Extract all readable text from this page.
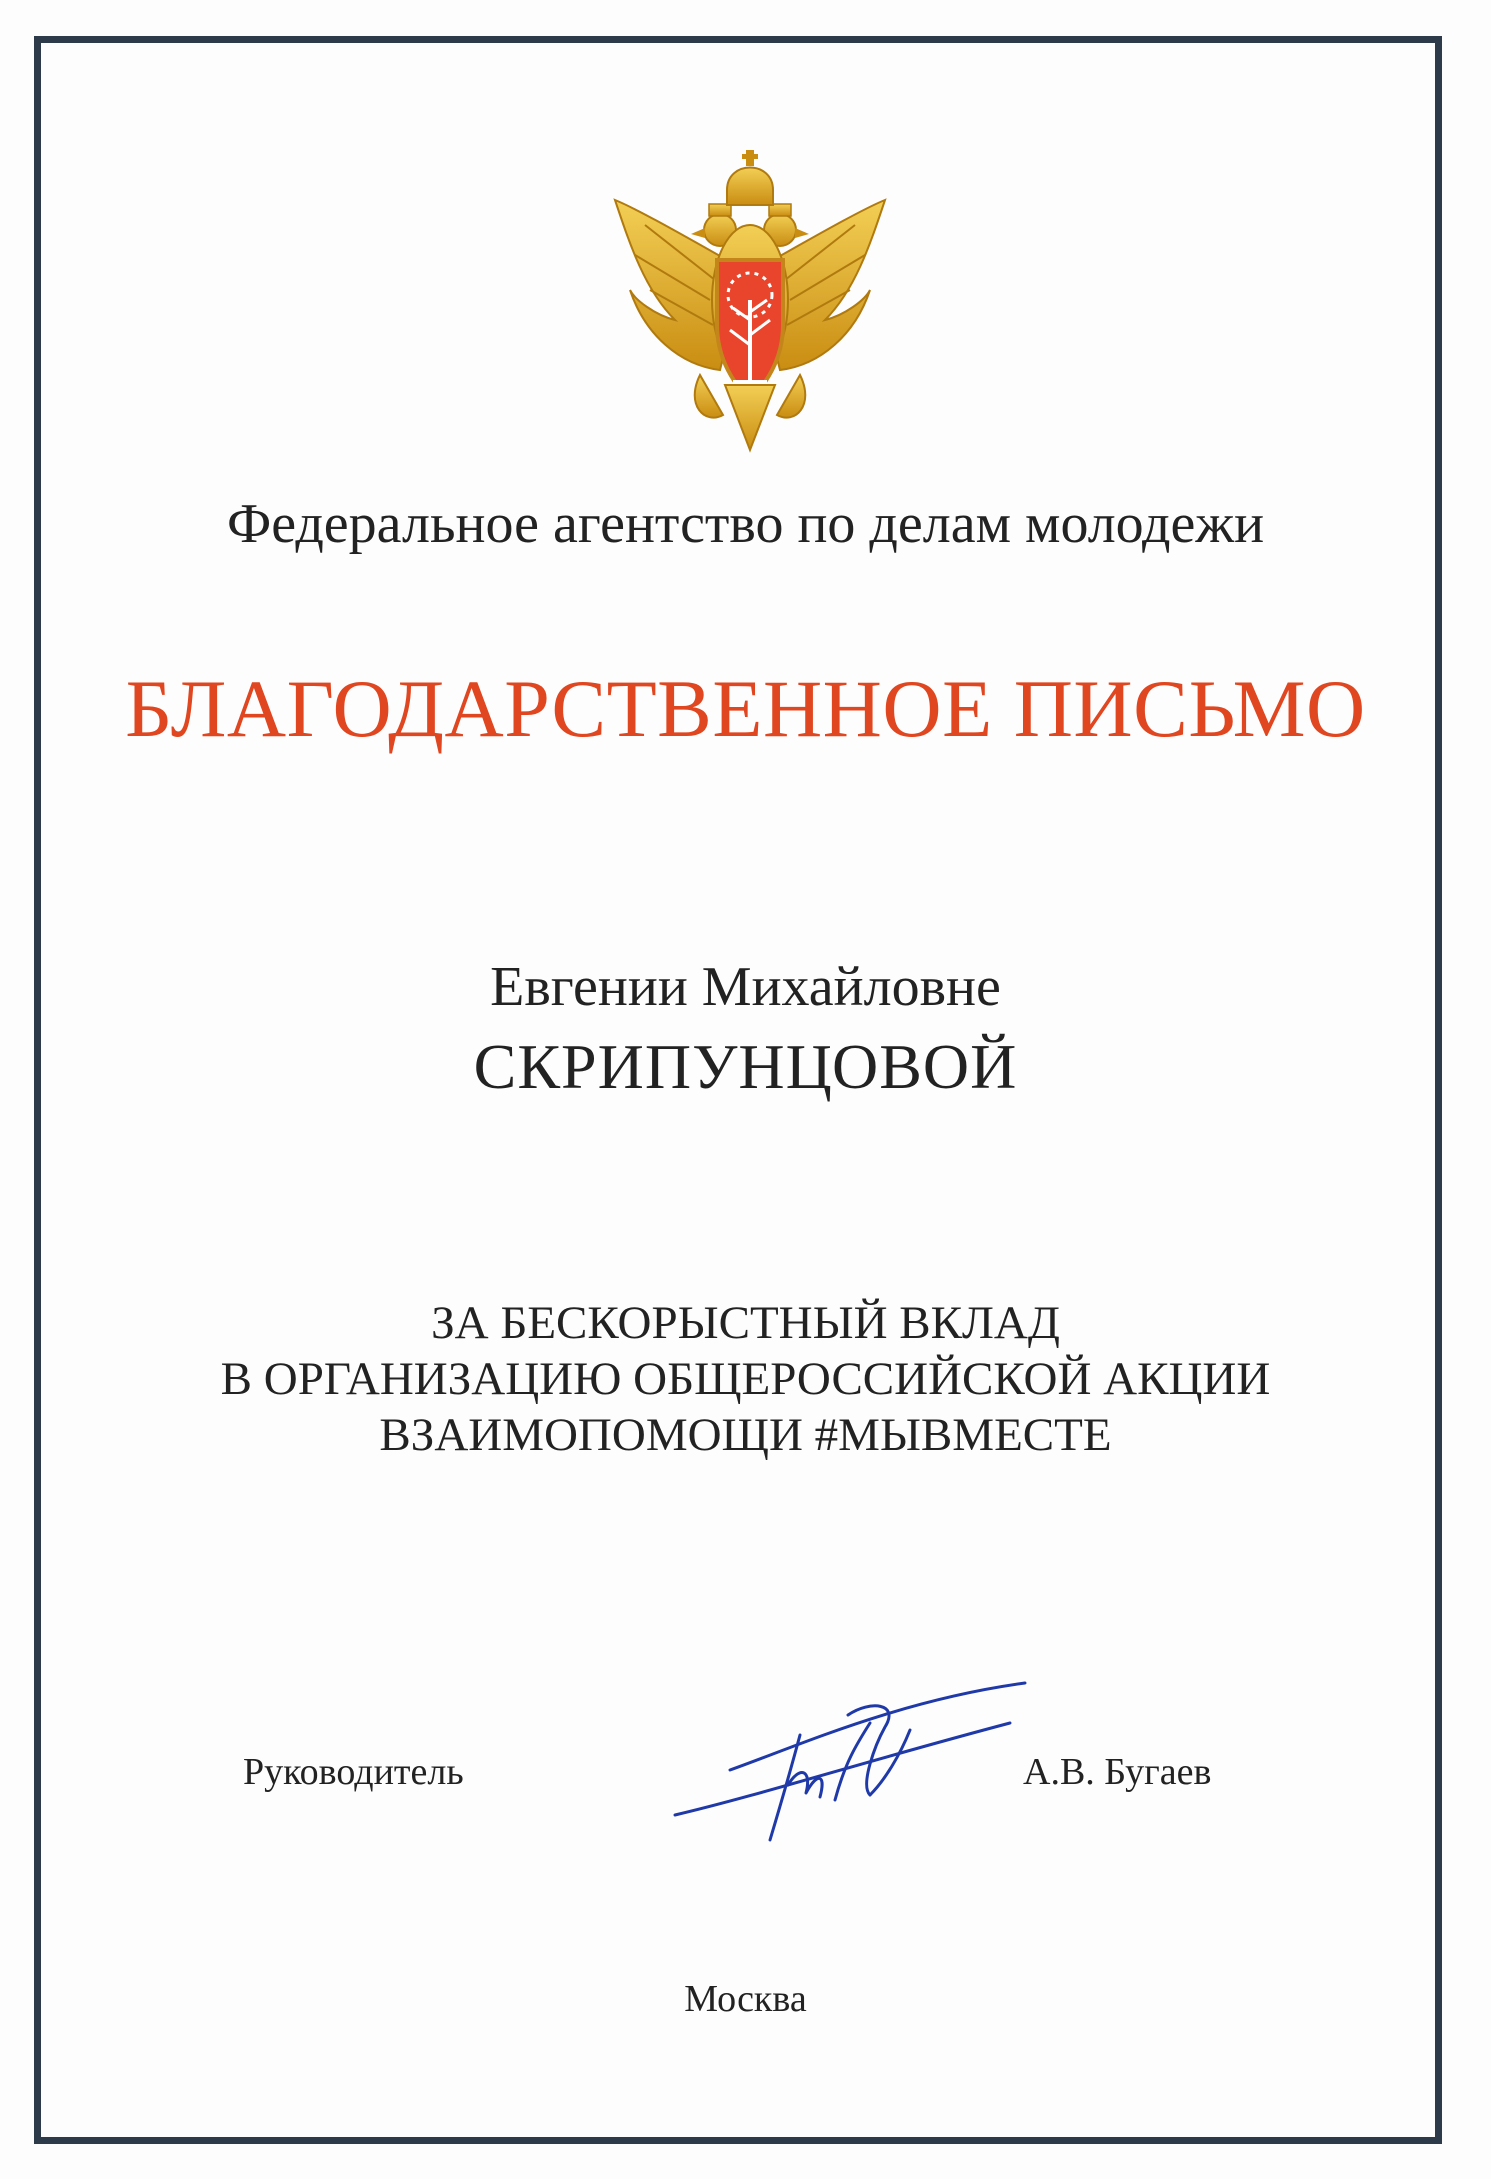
Федеральное агентство по делам молодежи
БЛАГОДАРСТВЕННОЕ ПИСЬМО
Евгении Михайловне
СКРИПУНЦОВОЙ
ЗА БЕСКОРЫСТНЫЙ ВКЛАД
В ОРГАНИЗАЦИЮ ОБЩЕРОССИЙСКОЙ АКЦИИ
ВЗАИМОПОМОЩИ #МЫВМЕСТЕ
Руководитель	А.В. Бугаев
Москва
